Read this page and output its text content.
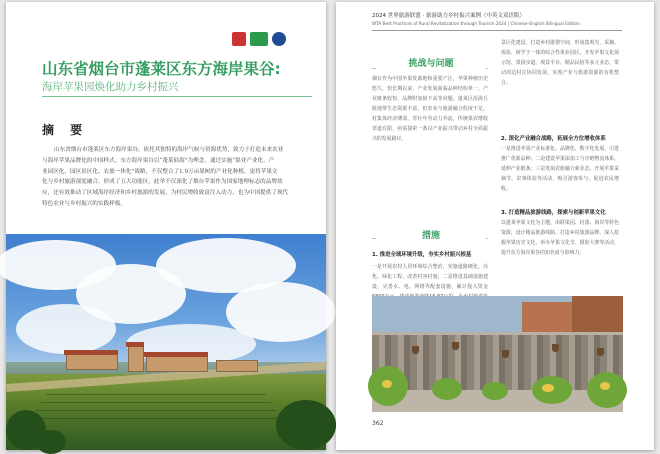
山东省烟台市蓬莱区东方海岸果谷:
海岸苹果园焕化助力乡村振兴
摘 要
山东省烟台市蓬莱区东方海岸果谷，依托其独特的海岸气候与资源优势，致力于打造未来农业
与海岸苹果品牌化的中国样式。东方海岸果谷以“蓬莱仙海”为理念，通过实施“果业产业化、产
业园区化、园区景区化、农旅一体化”战略，不仅整合了1.9万亩果树的产业化种植，更将苹果文
化与乡村旅游深度融合，形成了五大功能区，此举不仅深化了烟台苹果作为国家地理标志的品牌效
应，还有效推动了区域海岸经济和乡村旅游的发展，为村民增收致富注入动力，也为中国提供了现代
特色农业与乡村振兴的实践样板。
2024 世界旅游联盟 · 旅游助力乡村振兴案例（中英文双语版）
WTA Best Practices of Rural Revitalization through Tourism 2024 | Chinese–English Bilingual Edition
挑战与问题
烟台作为中国苹果发源地和重要产区，苹果种植历史悠久，但长期以来，产业发展面临品种结构单一、产业链条较短、品牌附加值不高等问题。蓬莱区沿海丘陵地带生态资源丰富，但农业与旅游融合程度不足，村集体经济薄弱，青壮年劳动力外流，传统果农增收渠道有限，亟需探索一条以产业振兴带动乡村全面振兴的发展路径。
措施
1. 推进全域环境升级，夯实乡村振兴根基
一是开展农村人居环境综合整治，实施道路硬化、亮化、绿化工程，改善村容村貌；二是推进基础设施建设，完善水、电、网络等配套设施，累计投入资金
景区化建设，打造乡村游憩空间，形成集观光、采摘、体验、研学于一体的综合性果业园区。开发苹果文化展示馆、果园步道、观景平台、精品民宿等多元业态，带动周边村庄协同发展，实现产业与旅游资源的有机整合。
2. 深化产业融合战略，拓展全方位增收体系
一是推进苹果产业标准化、品牌化、数字化发展，引进推广优新品种；二是建设苹果深加工与冷链物流体系，延伸产业链条；三是发展农旅融合新业态，开展苹果采摘节、农事体验等活动，吸引游客参与，促进农民增收。
3. 打造精品旅游线路，探索与创新苹果文化
以蓬莱苹果文化为主题，串联果园、村落、海岸等特色资源，设计精品旅游线路，打造乡村旅游品牌。深入挖掘苹果历史文化，举办苹果文化节、摄影大赛等活动，提升东方海岸果谷的知名度与影响力。
362
